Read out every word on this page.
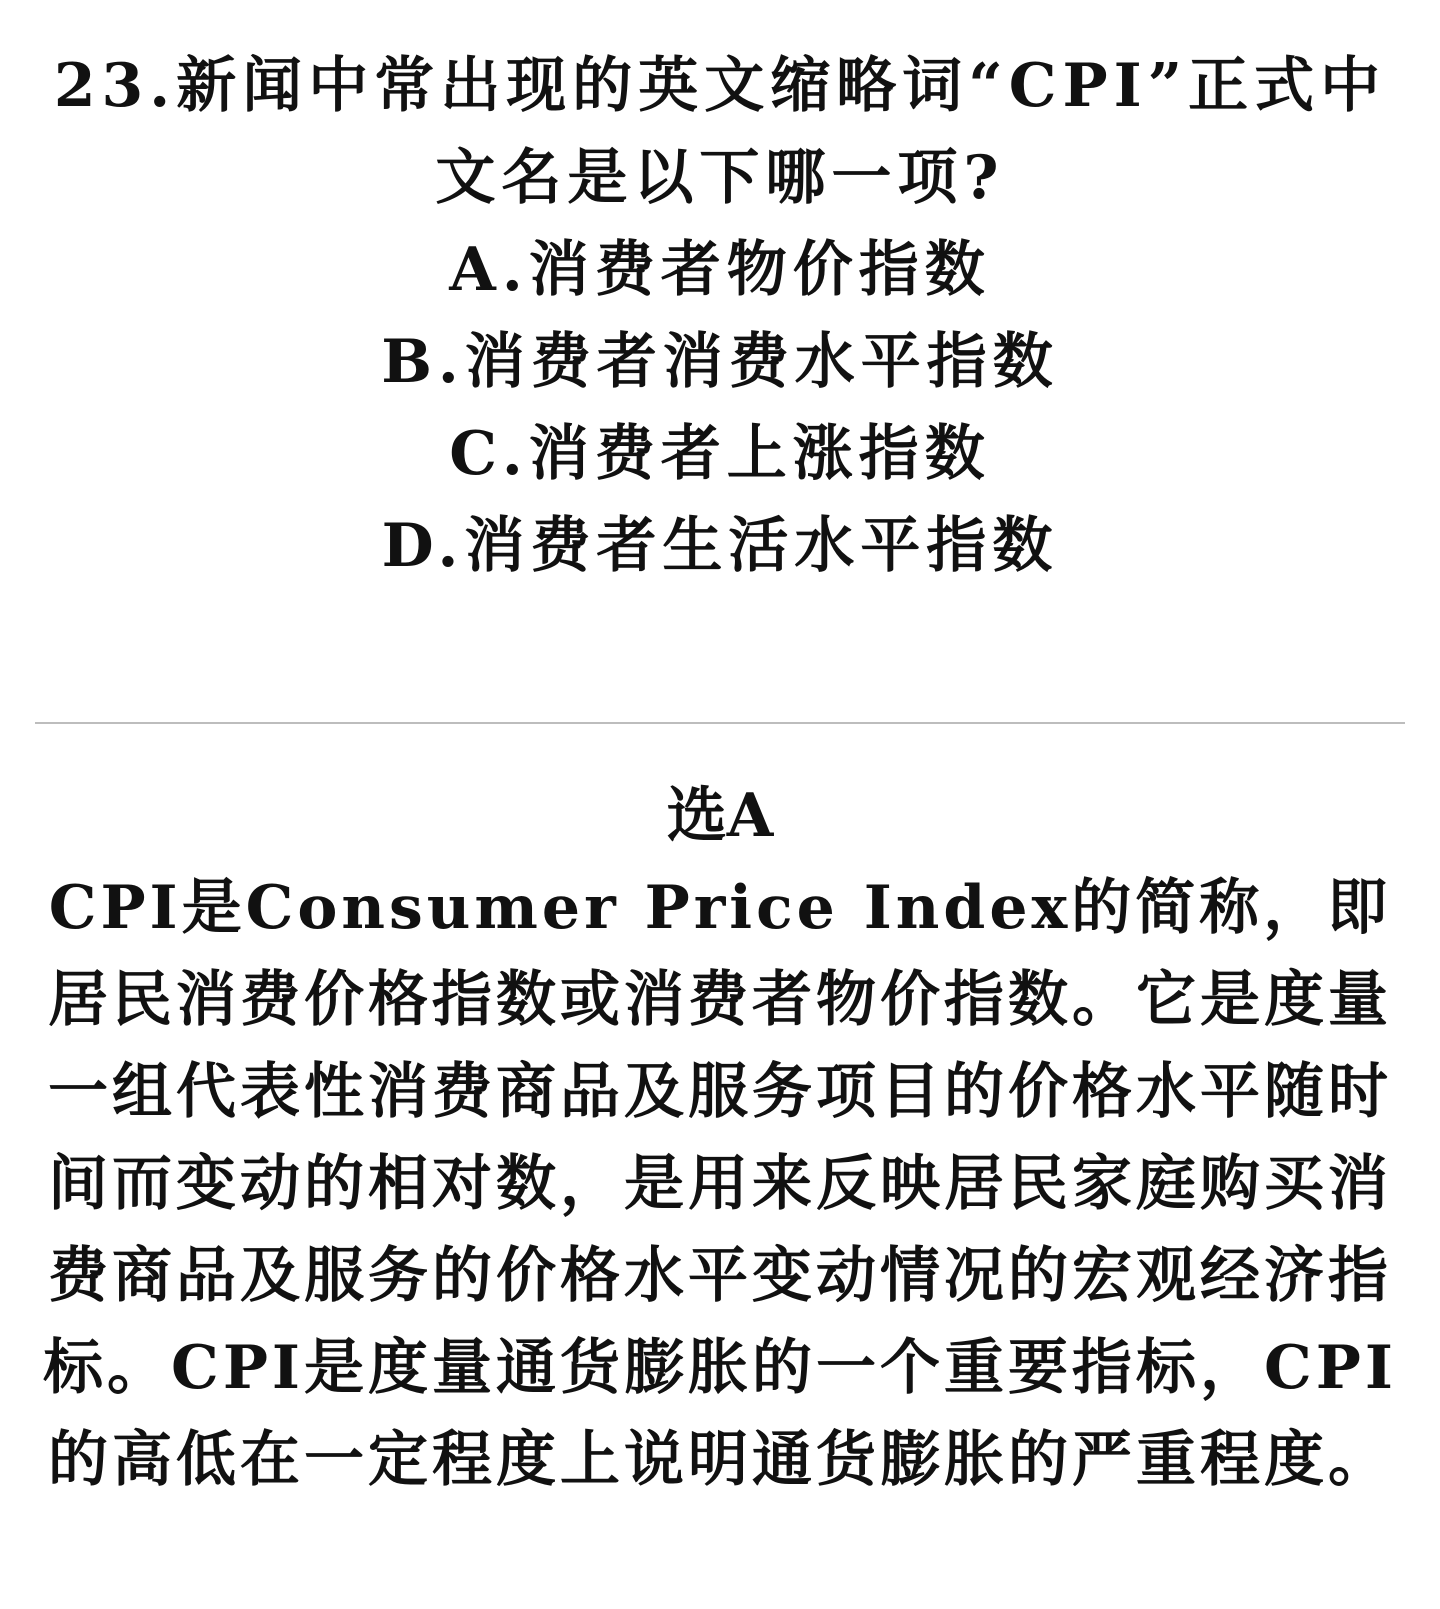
23.新闻中常出现的英文缩略词“CPI”正式中文名是以下哪一项?
A.消费者物价指数
B.消费者消费水平指数
C.消费者上涨指数
D.消费者生活水平指数
选A
CPI是Consumer Price Index的简称，即居民消费价格指数或消费者物价指数。它是度量一组代表性消费商品及服务项目的价格水平随时间而变动的相对数，是用来反映居民家庭购买消费商品及服务的价格水平变动情况的宏观经济指标。CPI是度量通货膨胀的一个重要指标，CPI的高低在一定程度上说明通货膨胀的严重程度。
